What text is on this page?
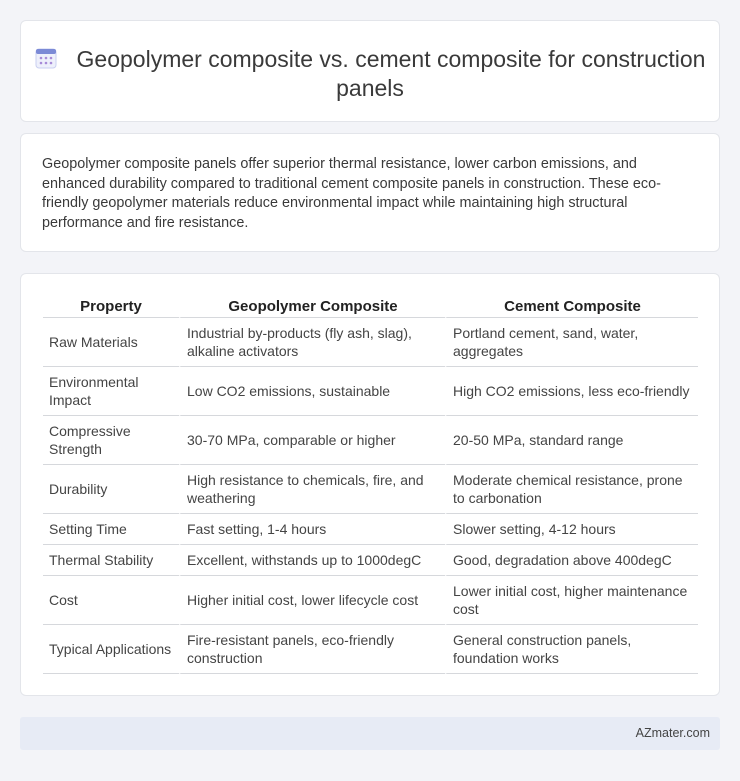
Geopolymer composite vs. cement composite for construction panels

Geopolymer composite panels offer superior thermal resistance, lower carbon emissions, and enhanced durability compared to traditional cement composite panels in construction. These eco-friendly geopolymer materials reduce environmental impact while maintaining high structural performance and fire resistance.

Property	Geopolymer Composite	Cement Composite
Raw Materials	Industrial by-products (fly ash, slag), alkaline activators	Portland cement, sand, water, aggregates
Environmental Impact	Low CO2 emissions, sustainable	High CO2 emissions, less eco-friendly
Compressive Strength	30-70 MPa, comparable or higher	20-50 MPa, standard range
Durability	High resistance to chemicals, fire, and weathering	Moderate chemical resistance, prone to carbonation
Setting Time	Fast setting, 1-4 hours	Slower setting, 4-12 hours
Thermal Stability	Excellent, withstands up to 1000degC	Good, degradation above 400degC
Cost	Higher initial cost, lower lifecycle cost	Lower initial cost, higher maintenance cost
Typical Applications	Fire-resistant panels, eco-friendly construction	General construction panels, foundation works
AZmater.com
